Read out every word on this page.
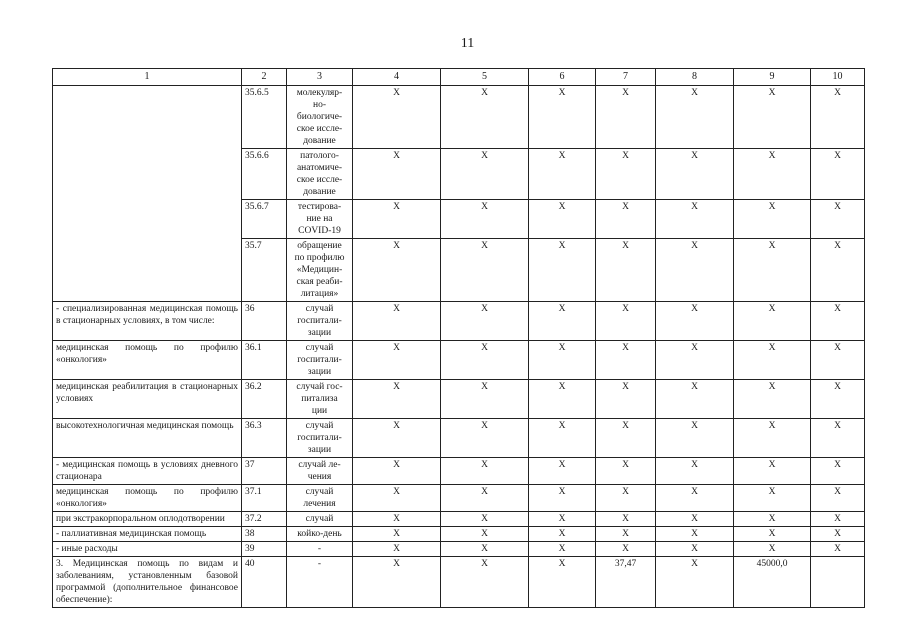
11
1	2	3	4	5	6	7	8	9	10
	35.6.5	молекуляр-
но-
биологиче-
ское иссле-
дование	Х	Х	Х	Х	Х	Х	Х
	35.6.6	патолого-
анатомиче-
ское иссле-
дование	Х	Х	Х	Х	Х	Х	Х
	35.6.7	тестирова-
ние на
COVID-19	Х	Х	Х	Х	Х	Х	Х
	35.7	обращение
по профилю
«Медицин-
ская реаби-
литация»	Х	Х	Х	Х	Х	Х	Х
- специализированная медицинская помощь в стационарных условиях, в том числе:	36	случай
госпитали-
зации	Х	Х	Х	Х	Х	Х	Х
медицинская помощь по профилю «онкология»	36.1	случай
госпитали-
зации	Х	Х	Х	Х	Х	Х	Х
медицинская реабилитация в стационарных условиях	36.2	случай гос-
питализа
ции	Х	Х	Х	Х	Х	Х	Х
высокотехнологичная медицинская помощь	36.3	случай
госпитали-
зации	Х	Х	Х	Х	Х	Х	Х
- медицинская помощь в условиях дневного стационара	37	случай ле-
чения	Х	Х	Х	Х	Х	Х	Х
медицинская помощь по профилю «онкология»	37.1	случай
лечения	Х	Х	Х	Х	Х	Х	Х
при экстракорпоральном оплодотворении	37.2	случай	Х	Х	Х	Х	Х	Х	Х
- паллиативная медицинская помощь	38	койко-день	Х	Х	Х	Х	Х	Х	Х
- иные расходы	39	-	Х	Х	Х	Х	Х	Х	Х
3. Медицинская помощь по видам и заболеваниям, установленным базовой программой (дополнительное финансовое обеспечение):	40	-	Х	Х	Х	37,47	Х	45000,0	
